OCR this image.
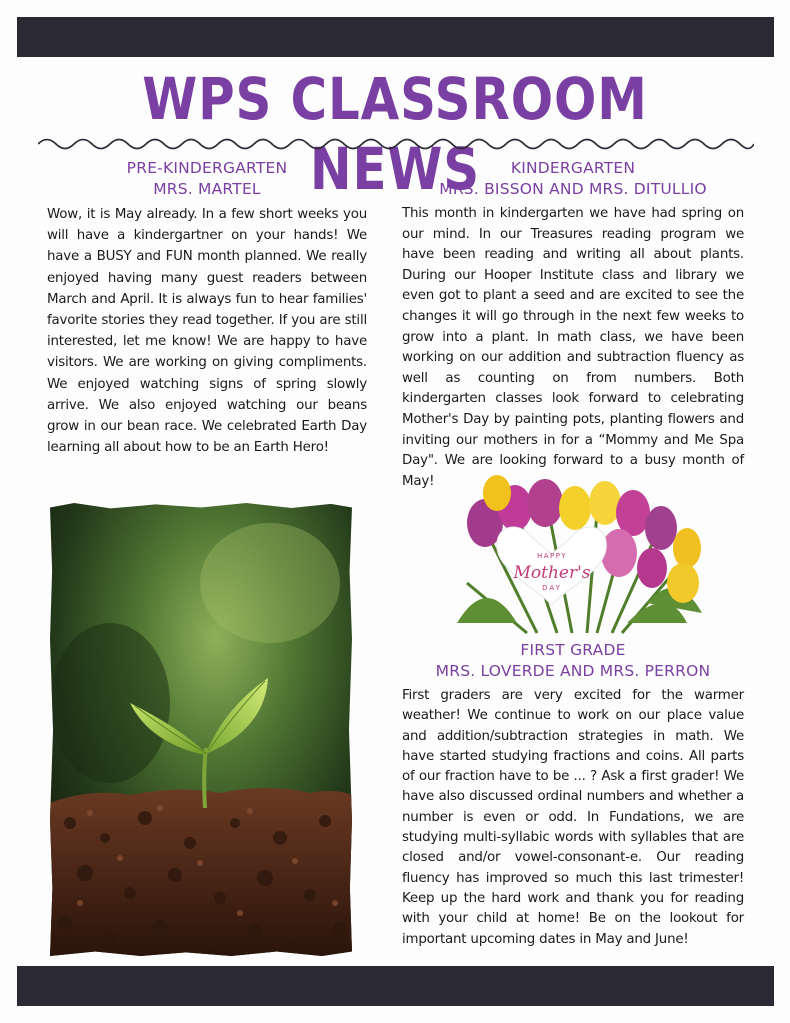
WPS CLASSROOM NEWS
PRE-KINDERGARTEN
MRS. MARTEL

Wow, it is May already. In a few short weeks you will have a kindergartner on your hands! We have a BUSY and FUN month planned. We really enjoyed having many guest readers between March and April. It is always fun to hear families' favorite stories they read together. If you are still interested, let me know! We are happy to have visitors. We are working on giving compliments. We enjoyed watching signs of spring slowly arrive. We also enjoyed watching our beans grow in our bean race. We celebrated Earth Day learning all about how to be an Earth Hero!

KINDERGARTEN
MRS. BISSON AND MRS. DITULLIO

This month in kindergarten we have had spring on our mind. In our Treasures reading program we have been reading and writing all about plants. During our Hooper Institute class and library we even got to plant a seed and are excited to see the changes it will go through in the next few weeks to grow into a plant. In math class, we have been working on our addition and subtraction fluency as well as counting on from numbers. Both kindergarten classes look forward to celebrating Mother's Day by painting pots, planting flowers and inviting our mothers in for a “Mommy and Me Spa Day". We are looking forward to a busy month of May!

HAPPY
Mother's
DAY
FIRST GRADE
MRS. LOVERDE AND MRS. PERRON

First graders are very excited for the warmer weather! We continue to work on our place value and addition/subtraction strategies in math. We have started studying fractions and coins. All parts of our fraction have to be ... ? Ask a first grader! We have also discussed ordinal numbers and whether a number is even or odd. In Fundations, we are studying multi-syllabic words with syllables that are closed and/or vowel-consonant-e. Our reading fluency has improved so much this last trimester! Keep up the hard work and thank you for reading with your child at home! Be on the lookout for important upcoming dates in May and June!
